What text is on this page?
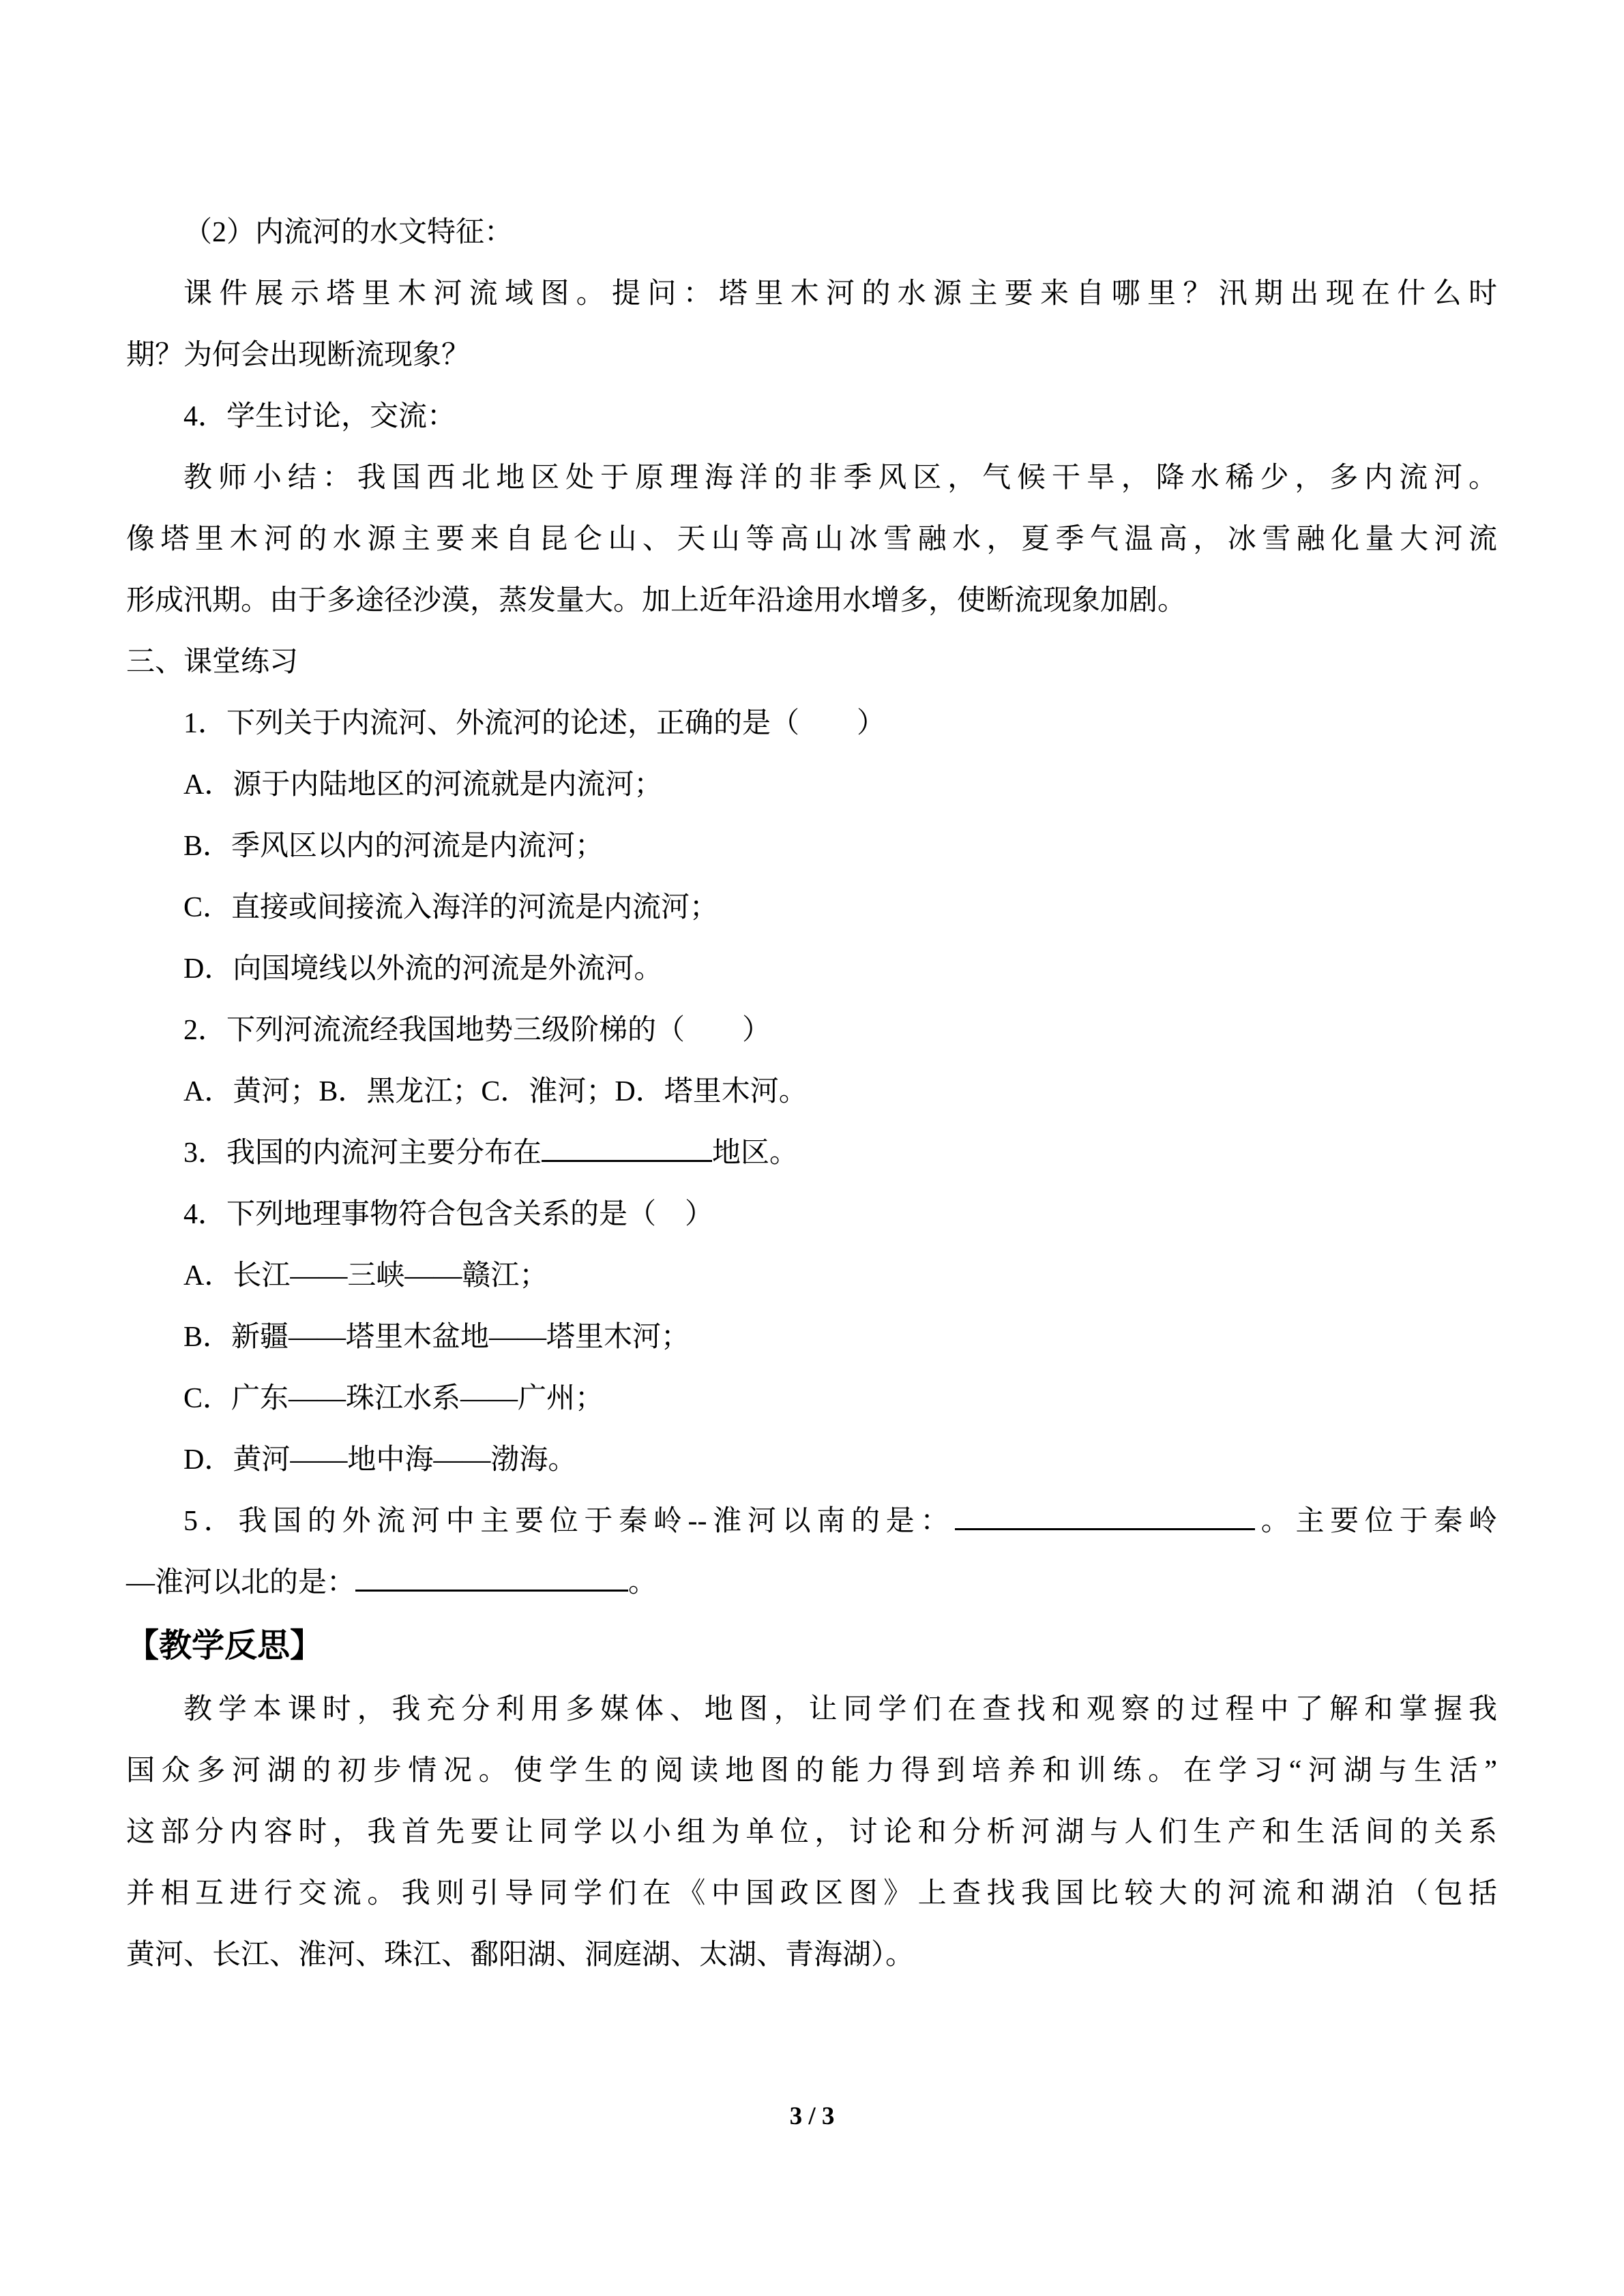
（2）内流河的水文特征：

课件展示塔里木河流域图。提问：塔里木河的水源主要来自哪里？汛期出现在什么时

期？为何会出现断流现象？

4．学生讨论，交流：

教师小结：我国西北地区处于原理海洋的非季风区，气候干旱，降水稀少，多内流河。

像塔里木河的水源主要来自昆仑山、天山等高山冰雪融水，夏季气温高，冰雪融化量大河流

形成汛期。由于多途径沙漠，蒸发量大。加上近年沿途用水增多，使断流现象加剧。

三、课堂练习

1．下列关于内流河、外流河的论述，正确的是（　　）

A．源于内陆地区的河流就是内流河；

B．季风区以内的河流是内流河；

C．直接或间接流入海洋的河流是内流河；

D．向国境线以外流的河流是外流河。

2．下列河流流经我国地势三级阶梯的（　　）

A．黄河；B．黑龙江；C．淮河；D．塔里木河。

3．我国的内流河主要分布在	地区。

4．下列地理事物符合包含关系的是（　）

A．长江——三峡——赣江；

B．新疆——塔里木盆地——塔里木河；

C．广东——珠江水系——广州；

D．黄河——地中海——渤海。

5．我国的外流河中主要位于秦岭--淮河以南的是：	。主要位于秦岭

—淮河以北的是：	。

【教学反思】

教学本课时，我充分利用多媒体、地图，让同学们在查找和观察的过程中了解和掌握我

国众多河湖的初步情况。使学生的阅读地图的能力得到培养和训练。在学习“河湖与生活”

这部分内容时，我首先要让同学以小组为单位，讨论和分析河湖与人们生产和生活间的关系

并相互进行交流。我则引导同学们在《中国政区图》上查找我国比较大的河流和湖泊（包括

黄河、长江、淮河、珠江、鄱阳湖、洞庭湖、太湖、青海湖）。

3 / 3
